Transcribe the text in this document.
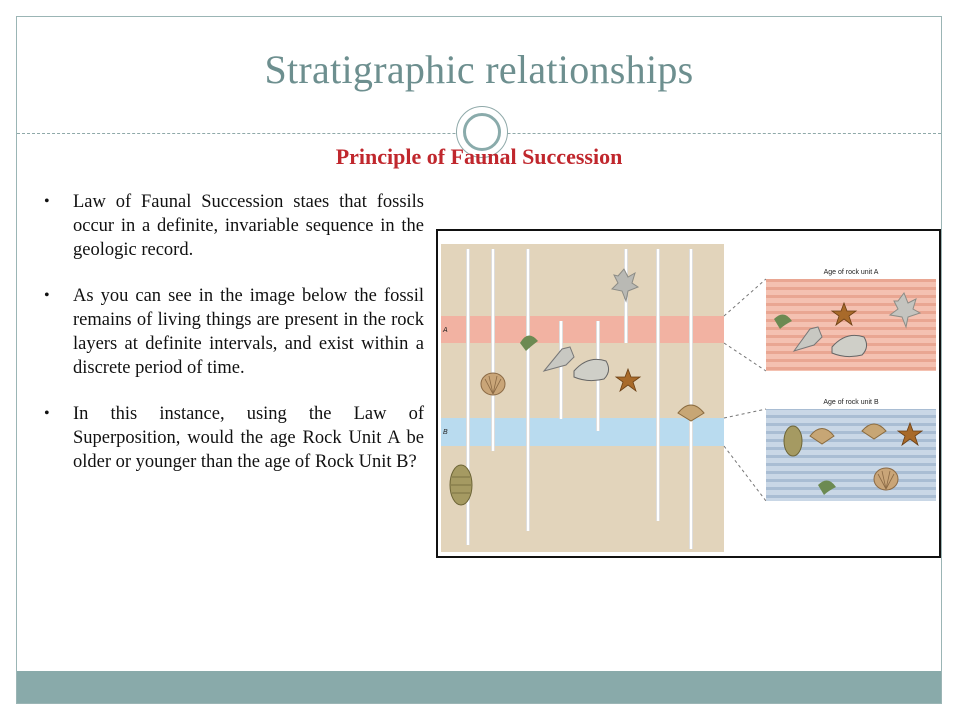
Stratigraphic relationships
Principle of Faunal Succession
• Law of Faunal Succession staes that fossils occur in a definite, invariable sequence in the geologic record.
• As you can see in the image below the fossil remains of living things are present in the rock layers at definite intervals, and exist within a discrete period of time.
• In this instance, using the Law of Superposition, would the age Rock Unit A be older or younger than the age of Rock Unit B?
A
B
Age of rock unit A
Age of rock unit B
